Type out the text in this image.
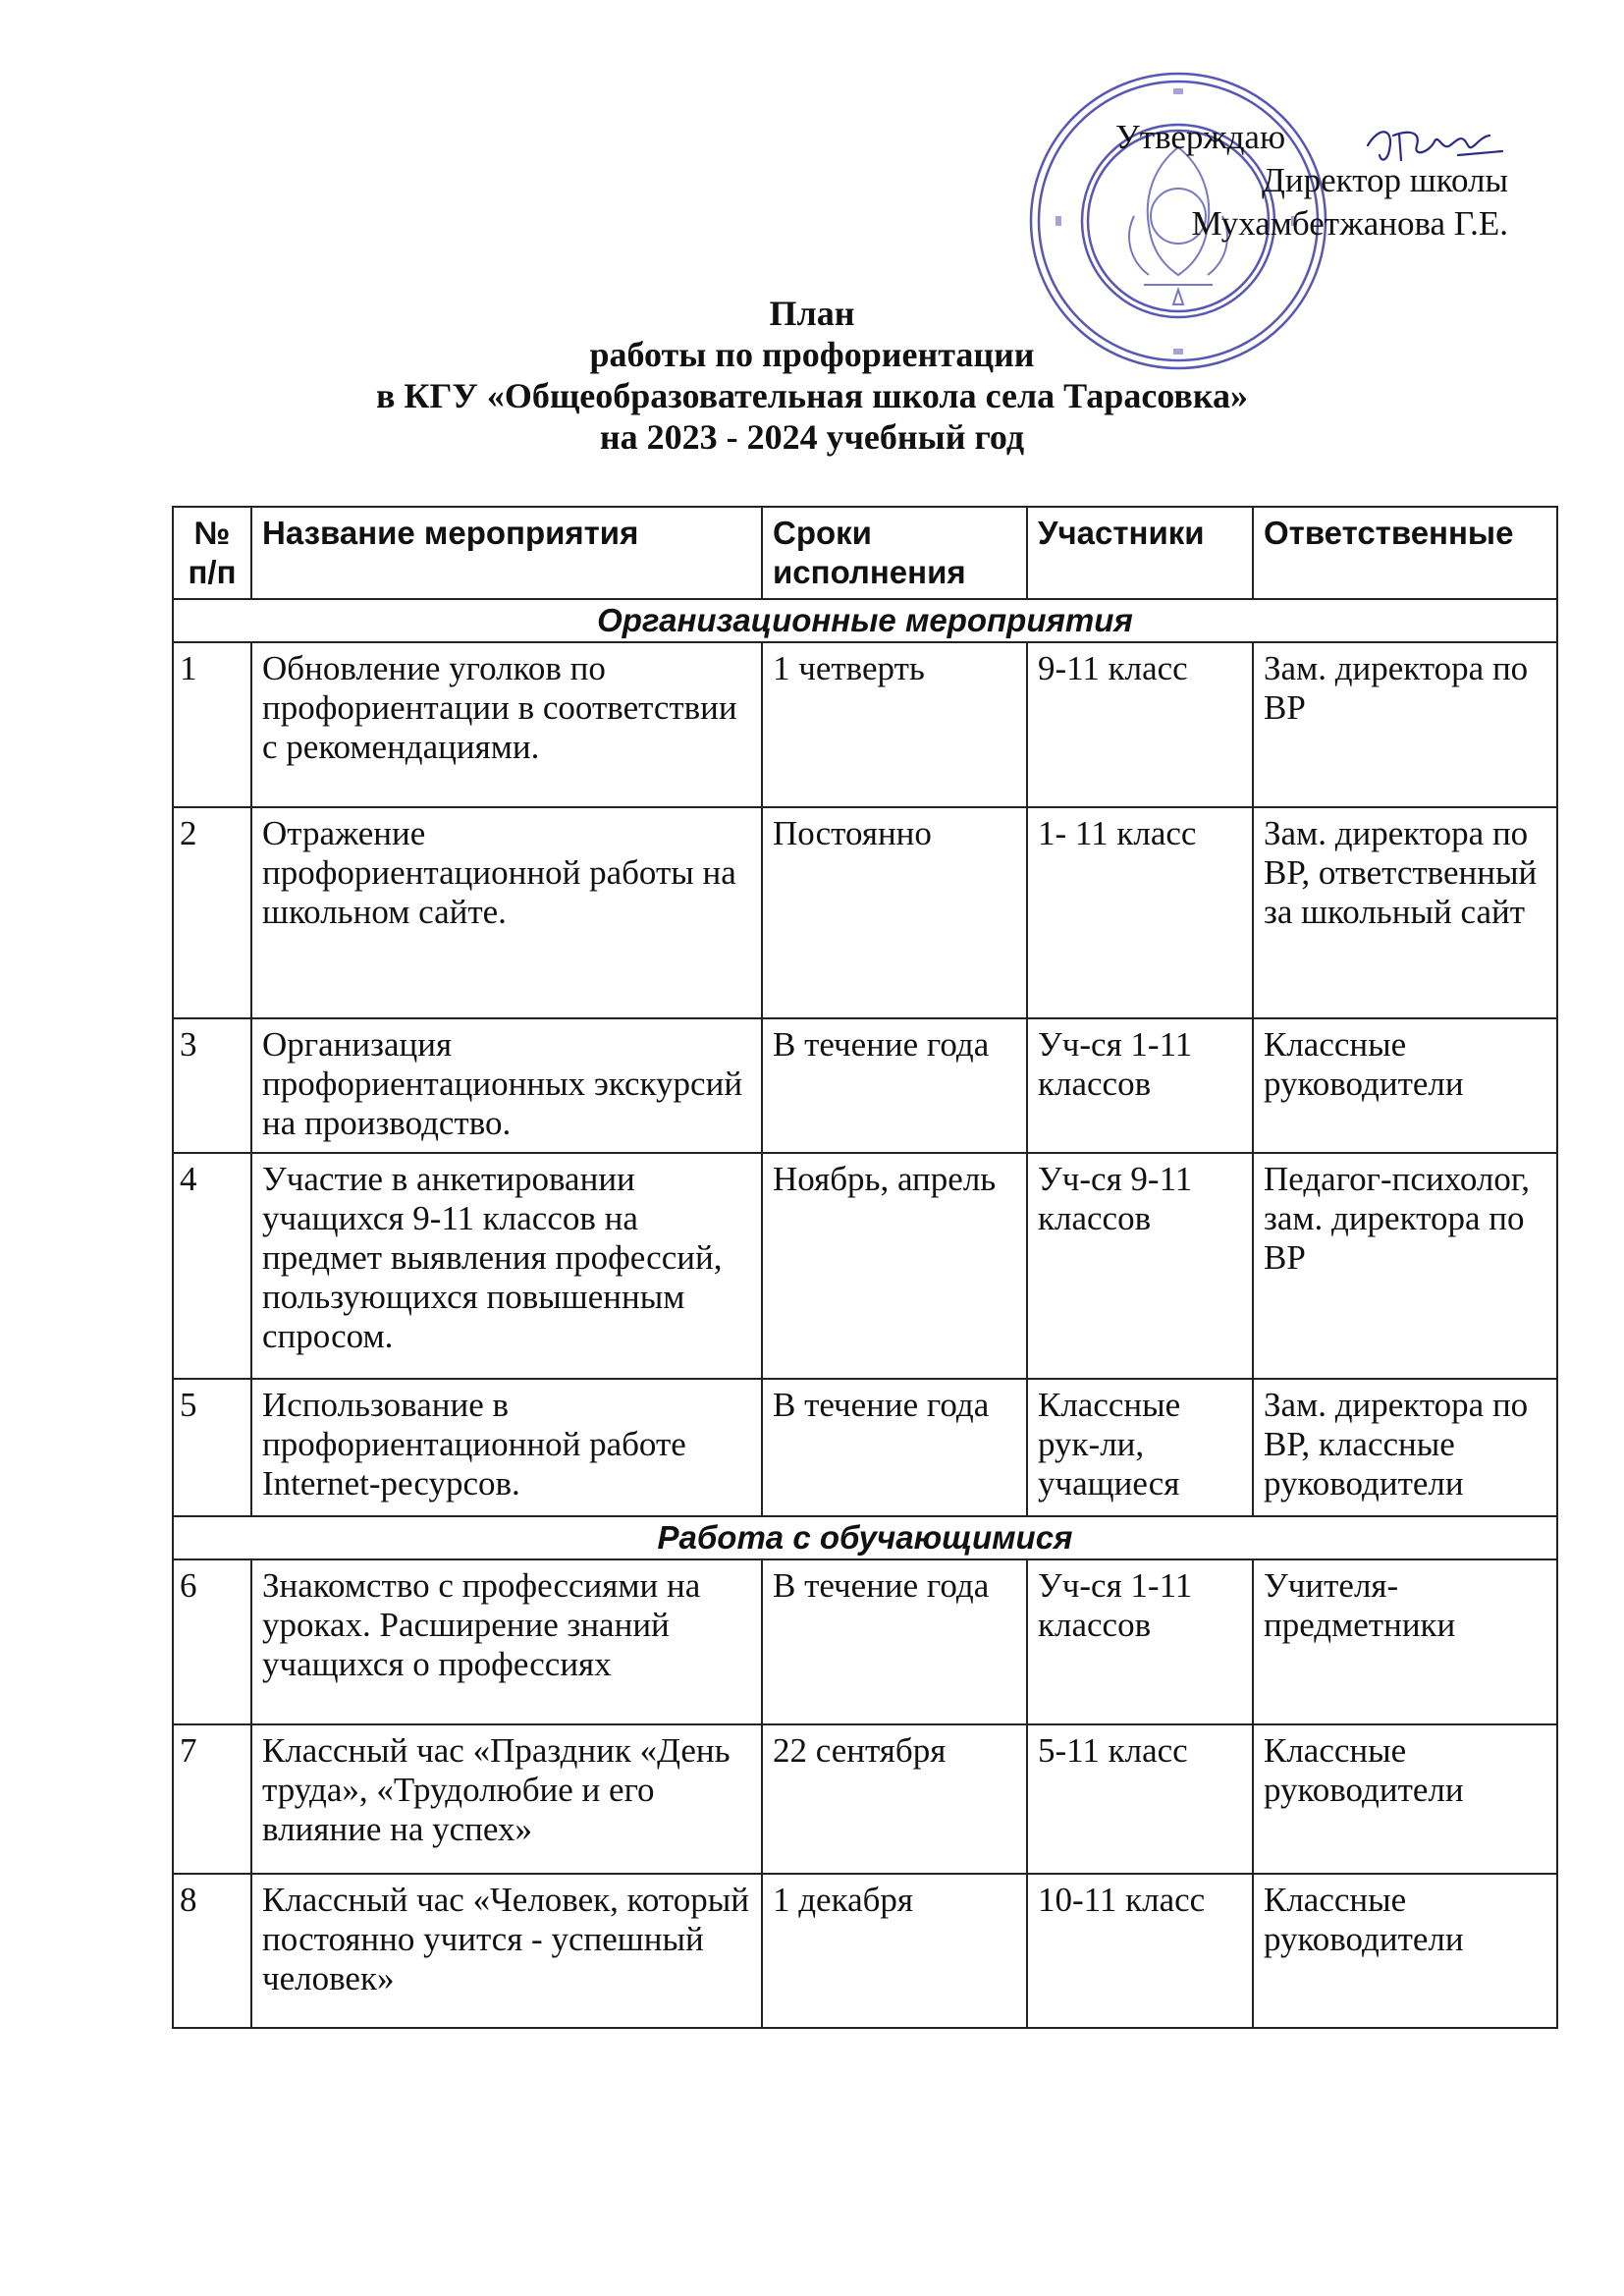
Утверждаю
Директор школы
Мухамбетжанова Г.Е.
План
работы по профориентации
в КГУ «Общеобразовательная школа села Тарасовка»
на 2023 - 2024 учебный год
№ п/п	Название мероприятия	Сроки исполнения	Участники	Ответственные
Организационные мероприятия				
1	Обновление уголков по профориентации в соответствии с рекомендациями.	1 четверть	9-11 класс	Зам. директора по ВР
2	Отражение профориентационной работы на школьном сайте.	Постоянно	1- 11 класс	Зам. директора по ВР, ответственный за школьный сайт
3	Организация профориентационных экскурсий на производство.	В течение года	Уч-ся 1-11 классов	Классные руководители
4	Участие в анкетировании учащихся 9-11 классов на предмет выявления профессий, пользующихся повышенным спросом.	Ноябрь, апрель	Уч-ся 9-11 классов	Педагог-психолог, зам. директора по ВР
5	Использование в профориентационной работе Internet-ресурсов.	В течение года	Классные рук-ли, учащиеся	Зам. директора по ВР, классные руководители
Работа с обучающимися				
6	Знакомство с профессиями на уроках. Расширение знаний учащихся о профессиях	В течение года	Уч-ся 1-11 классов	Учителя-предметники
7	Классный час «Праздник «День труда», «Трудолюбие и его влияние на успех»	22 сентября	5-11 класс	Классные руководители
8	Классный час «Человек, который постоянно учится - успешный человек»	1 декабря	10-11 класс	Классные руководители
